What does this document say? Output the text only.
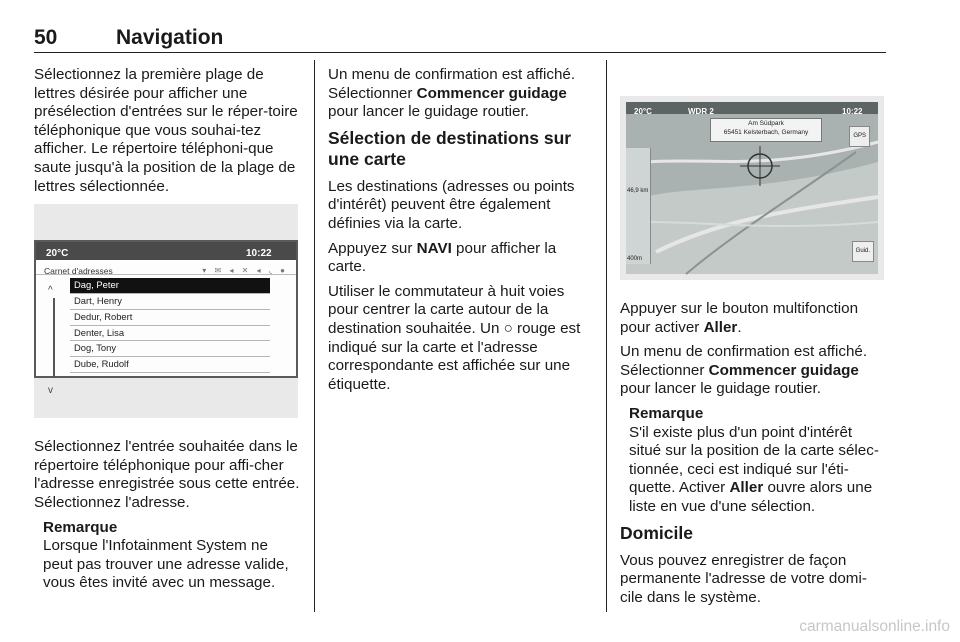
50	Navigation

Sélectionnez la première plage de lettres désirée pour afficher une présélection d'entrées sur le réper-toire téléphonique que vous souhai-tez afficher. Le répertoire téléphoni-que saute jusqu'à la position de la plage de lettres sélectionnée.

20°C	10:22
Carnet d'adresses	▾ ✉ ◂ ✕ ◂ ◟ ●
^
v
Dag, Peter
Dart, Henry
Dedur, Robert
Denter, Lisa
Dog, Tony
Dube, Rudolf

Sélectionnez l'entrée souhaitée dans le répertoire téléphonique pour affi-cher l'adresse enregistrée sous cette entrée. Sélectionnez l'adresse.

Remarque
Lorsque l'Infotainment System ne peut pas trouver une adresse valide, vous êtes invité avec un message.

Un menu de confirmation est affiché. Sélectionner Commencer guidage pour lancer le guidage routier.

Sélection de destinations sur une carte

Les destinations (adresses ou points d'intérêt) peuvent être également définies via la carte.

Appuyez sur NAVI pour afficher la carte.

Utiliser le commutateur à huit voies pour centrer la carte autour de la destination souhaitée. Un ○ rouge est indiqué sur la carte et l'adresse correspondante est affichée sur une étiquette.

20°C	WDR 2	10:22
Am Südpark
65451 Kelsterbach, Germany	GPS
46,9 km
400m
Guid.

Appuyer sur le bouton multifonction pour activer Aller.

Un menu de confirmation est affiché. Sélectionner Commencer guidage pour lancer le guidage routier.

Remarque
S'il existe plus d'un point d'intérêt situé sur la position de la carte sélec-tionnée, ceci est indiqué sur l'éti-quette. Activer Aller ouvre alors une liste en vue d'une sélection.
Domicile

Vous pouvez enregistrer de façon permanente l'adresse de votre domi-cile dans le système.

carmanualsonline.info
